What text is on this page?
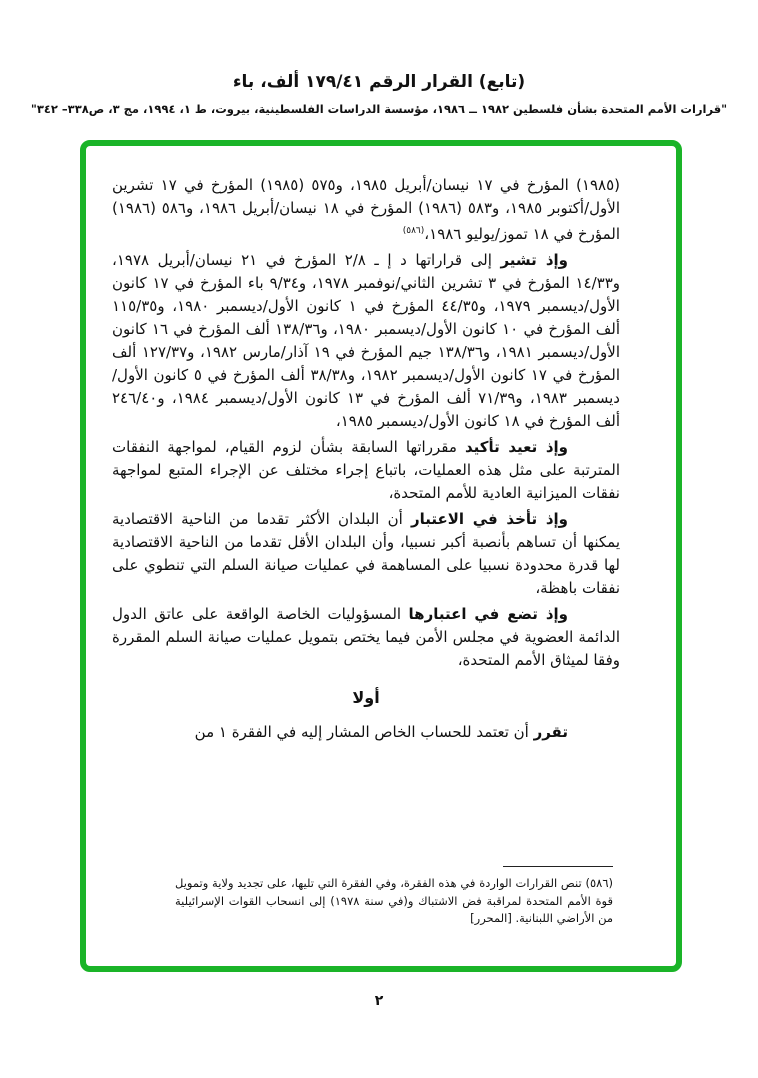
(تابع) القرار الرقم ١٧٩/٤١ ألف، باء
"قرارات الأمم المتحدة بشأن فلسطين ١٩٨٢ ــ ١٩٨٦، مؤسسة الدراسات الفلسطينية، بيروت، ط ١، ١٩٩٤، مج ٣، ص٣٣٨– ٣٤٢"

(١٩٨٥) المؤرخ في ١٧ نيسان/أبريل ١٩٨٥، و٥٧٥ (١٩٨٥) المؤرخ في ١٧ تشرين الأول/أكتوبر ١٩٨٥، و٥٨٣ (١٩٨٦) المؤرخ في ١٨ نيسان/أبريل ١٩٨٦، و٥٨٦ (١٩٨٦) المؤرخ في ١٨ تموز/يوليو ١٩٨٦،$^{(٥٨٦)}$

وإذ تشير إلى قراراتها د إ ـ ٢/٨ المؤرخ في ٢١ نيسان/أبريل ١٩٧٨، و١٤/٣٣ المؤرخ في ٣ تشرين الثاني/نوفمبر ١٩٧٨، و٩/٣٤ باء المؤرخ في ١٧ كانون الأول/ديسمبر ١٩٧٩، و٤٤/٣٥ المؤرخ في ١ كانون الأول/ديسمبر ١٩٨٠، و١١٥/٣٥ ألف المؤرخ في ١٠ كانون الأول/ديسمبر ١٩٨٠، و١٣٨/٣٦ ألف المؤرخ في ١٦ كانون الأول/ديسمبر ١٩٨١، و١٣٨/٣٦ جيم المؤرخ في ١٩ آذار/مارس ١٩٨٢، و١٢٧/٣٧ ألف المؤرخ في ١٧ كانون الأول/ديسمبر ١٩٨٢، و٣٨/٣٨ ألف المؤرخ في ٥ كانون الأول/ديسمبر ١٩٨٣، و٧١/٣٩ ألف المؤرخ في ١٣ كانون الأول/ديسمبر ١٩٨٤، و٢٤٦/٤٠ ألف المؤرخ في ١٨ كانون الأول/ديسمبر ١٩٨٥،

وإذ تعيد تأكيد مقرراتها السابقة بشأن لزوم القيام، لمواجهة النفقات المترتبة على مثل هذه العمليات، باتباع إجراء مختلف عن الإجراء المتبع لمواجهة نفقات الميزانية العادية للأمم المتحدة،

وإذ تأخذ في الاعتبار أن البلدان الأكثر تقدما من الناحية الاقتصادية يمكنها أن تساهم بأنصبة أكبر نسبيا، وأن البلدان الأقل تقدما من الناحية الاقتصادية لها قدرة محدودة نسبيا على المساهمة في عمليات صيانة السلم التي تنطوي على نفقات باهظة،

وإذ تضع في اعتبارها المسؤوليات الخاصة الواقعة على عاتق الدول الدائمة العضوية في مجلس الأمن فيما يختص بتمويل عمليات صيانة السلم المقررة وفقا لميثاق الأمم المتحدة،

أولا

تقرر أن تعتمد للحساب الخاص المشار إليه في الفقرة ١ من

(٥٨٦) تنص القرارات الواردة في هذه الفقرة، وفي الفقرة التي تليها، على تجديد ولاية وتمويل قوة الأمم المتحدة لمراقبة فض الاشتباك و(في سنة ١٩٧٨) إلى انسحاب القوات الإسرائيلية من الأراضي اللبنانية. [المحرر]

٢
